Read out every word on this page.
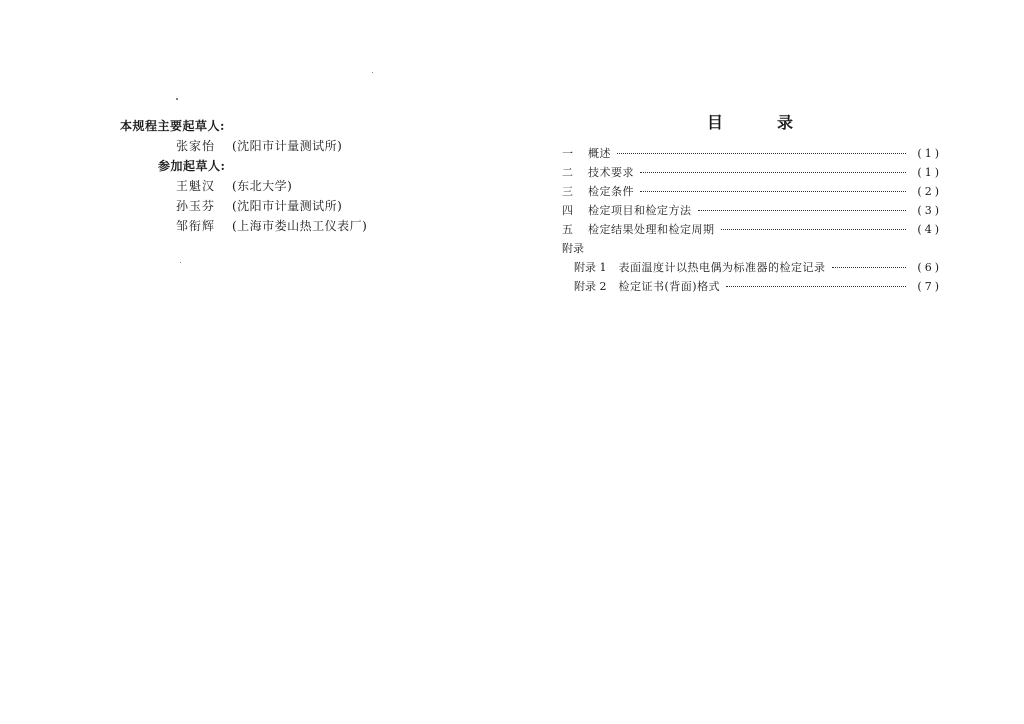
本规程主要起草人:
张家怡	(沈阳市计量测试所)
参加起草人:
王魁汉	(东北大学)
孙玉芬	(沈阳市计量测试所)
邹衔辉	(上海市娄山热工仪表厂)
目录
一	概述	(1)
二	技术要求	(1)
三	检定条件	(2)
四	检定项目和检定方法	(3)
五	检定结果处理和检定周期	(4)
附录
附录 1 表面温度计以热电偶为标准器的检定记录	(6)
附录 2 检定证书(背面)格式	(7)
